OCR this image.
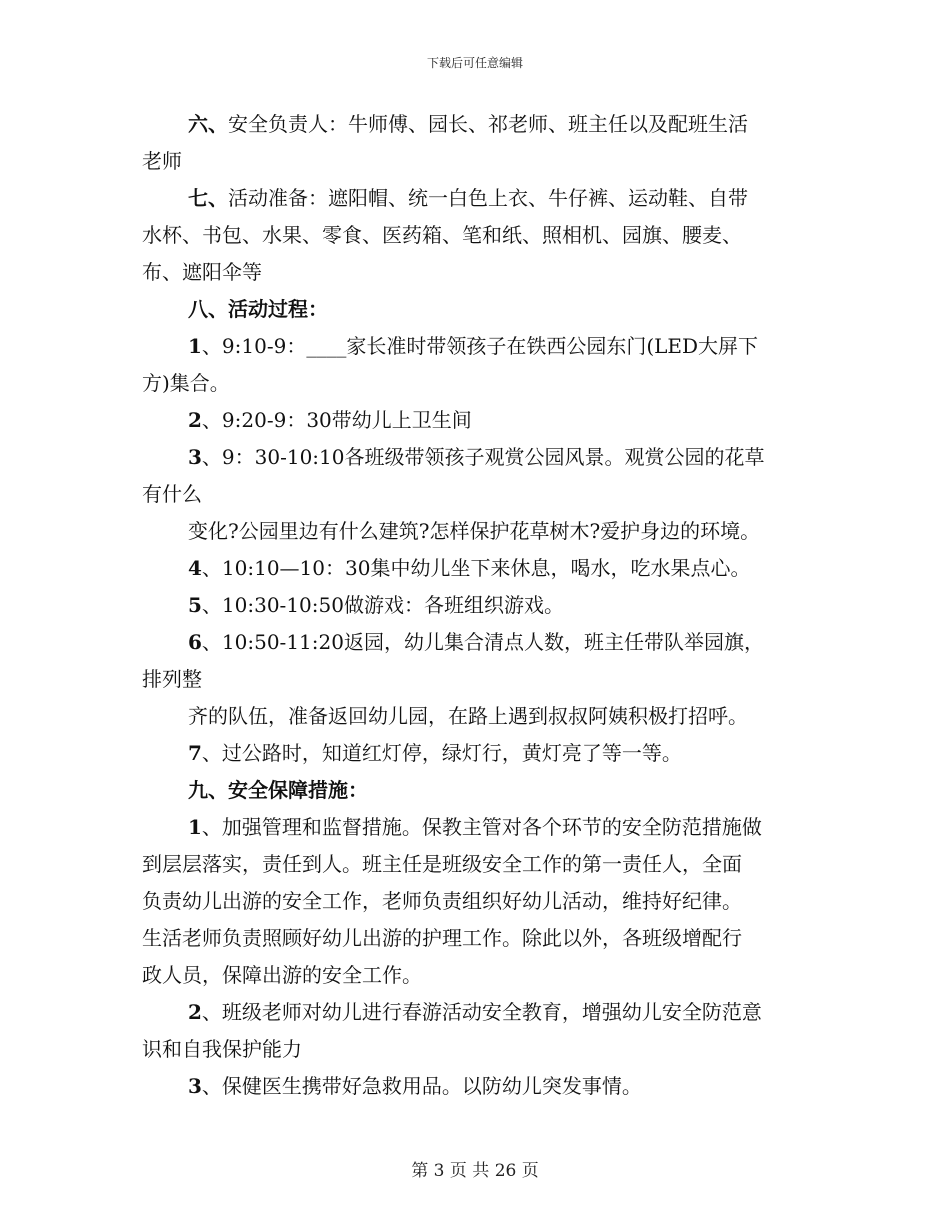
下载后可任意编辑
六、安全负责人：牛师傅、园长、祁老师、班主任以及配班生活
老师
七、活动准备：遮阳帽、统一白色上衣、牛仔裤、运动鞋、自带
水杯、书包、水果、零食、医药箱、笔和纸、照相机、园旗、腰麦、
布、遮阳伞等
八、活动过程：
1、9:10-9：____家长准时带领孩子在铁西公园东门(LED大屏下
方)集合。
2、9:20-9：30带幼儿上卫生间
3、9：30-10:10各班级带领孩子观赏公园风景。观赏公园的花草
有什么
变化?公园里边有什么建筑?怎样保护花草树木?爱护身边的环境。
4、10:10—10：30集中幼儿坐下来休息，喝水，吃水果点心。
5、10:30-10:50做游戏：各班组织游戏。
6、10:50-11:20返园，幼儿集合清点人数，班主任带队举园旗，
排列整
齐的队伍，准备返回幼儿园，在路上遇到叔叔阿姨积极打招呼。
7、过公路时，知道红灯停，绿灯行，黄灯亮了等一等。
九、安全保障措施：
1、加强管理和监督措施。保教主管对各个环节的安全防范措施做
到层层落实，责任到人。班主任是班级安全工作的第一责任人，全面
负责幼儿出游的安全工作，老师负责组织好幼儿活动，维持好纪律。
生活老师负责照顾好幼儿出游的护理工作。除此以外，各班级增配行
政人员，保障出游的安全工作。
2、班级老师对幼儿进行春游活动安全教育，增强幼儿安全防范意
识和自我保护能力
3、保健医生携带好急救用品。以防幼儿突发事情。
第 3 页 共 26 页
